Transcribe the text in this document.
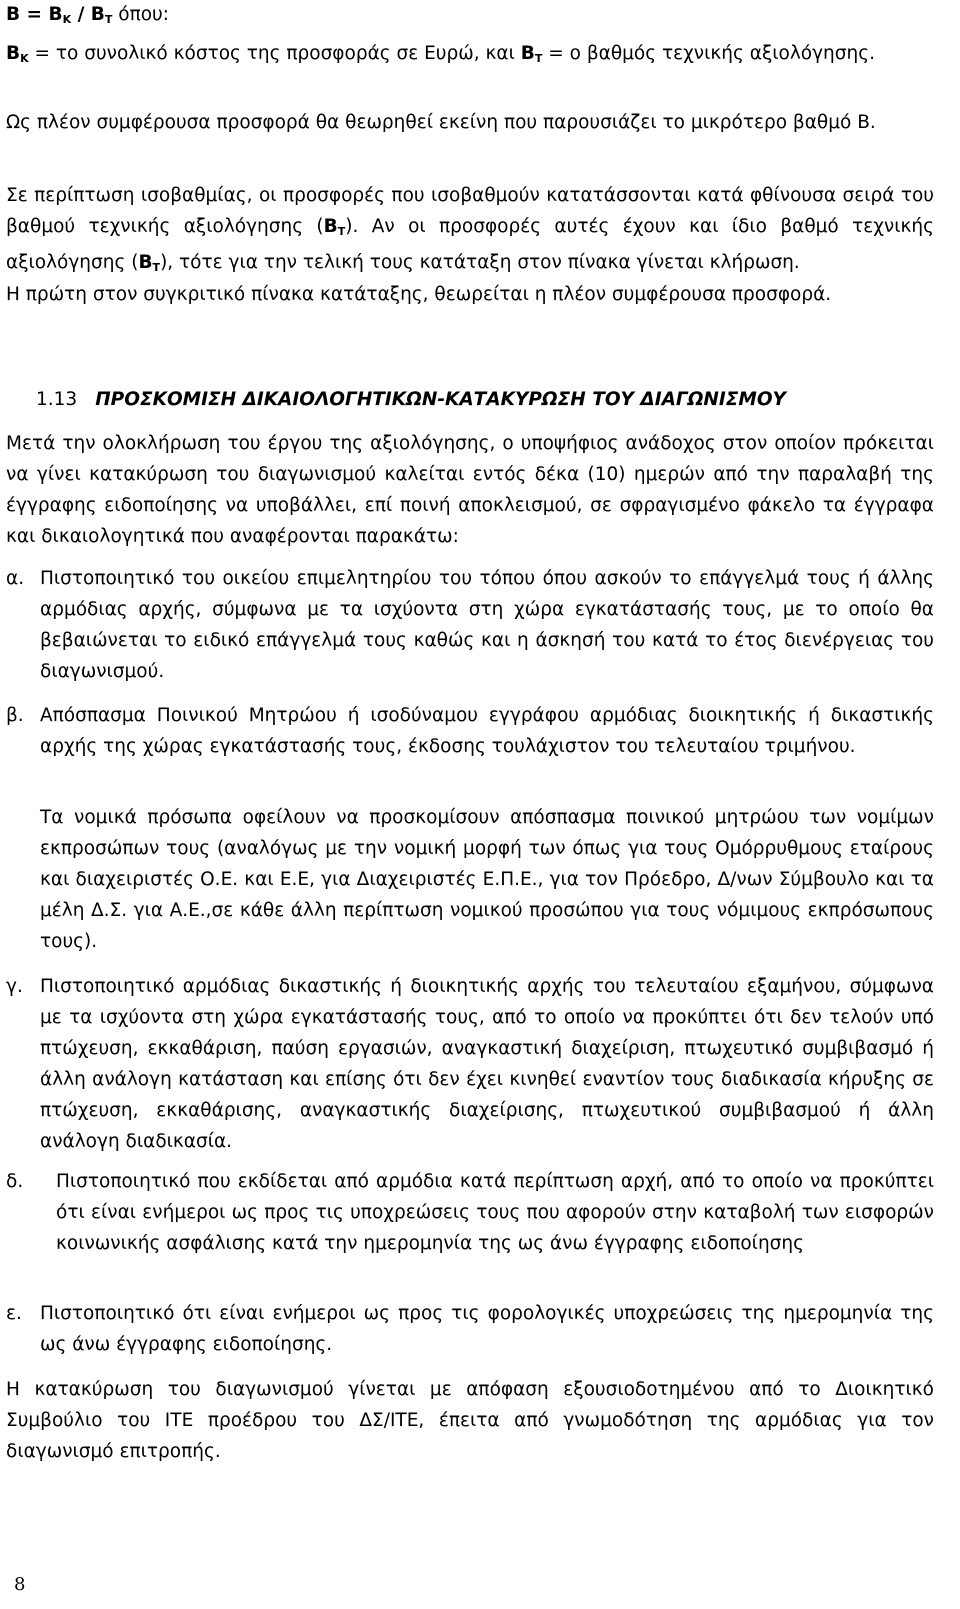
$B = B_K / B_T$ όπου:

$B_K = \tau o$ συνολικό κόστος της προσφοράς σε Ευρώ, και $B_T = o$ βαθμός τεχνικής αξιολόγησης.

Ως πλέον συμφέρουσα προσφορά θα θεωρηθεί εκείνη που παρουσιάζει το μικρότερο βαθμό Β.

Σε περίπτωση ισοβαθμίας, οι προσφορές που ισοβαθμούν κατατάσσονται κατά φθίνουσα σειρά του βαθμού τεχνικής αξιολόγησης $(B_T)$. Αν οι προσφορές αυτές έχουν και ίδιο βαθμό τεχνικής αξιολόγησης $(B_T)$, τότε για την τελική τους κατάταξη στον πίνακα γίνεται κλήρωση.

Η πρώτη στον συγκριτικό πίνακα κατάταξης, θεωρείται η πλέον συμφέρουσα προσφορά.

1.13 ΠΡΟΣΚΟΜΙΣΗ ΔΙΚΑΙΟΛΟΓΗΤΙΚΩΝ-ΚΑΤΑΚΥΡΩΣΗ ΤΟΥ ΔΙΑΓΩΝΙΣΜΟΥ

Μετά την ολοκλήρωση του έργου της αξιολόγησης, ο υποψήφιος ανάδοχος στον οποίον πρόκειται να γίνει κατακύρωση του διαγωνισμού καλείται εντός δέκα (10) ημερών από την παραλαβή της έγγραφης ειδοποίησης να υποβάλλει, επί ποινή αποκλεισμού, σε σφραγισμένο φάκελο τα έγγραφα και δικαιολογητικά που αναφέρονται παρακάτω:

α. Πιστοποιητικό του οικείου επιμελητηρίου του τόπου όπου ασκούν το επάγγελμά τους ή άλλης αρμόδιας αρχής, σύμφωνα με τα ισχύοντα στη χώρα εγκατάστασής τους, με το οποίο θα βεβαιώνεται το ειδικό επάγγελμά τους καθώς και η άσκησή του κατά το έτος διενέργειας του διαγωνισμού.

β. Απόσπασμα Ποινικού Μητρώου ή ισοδύναμου εγγράφου αρμόδιας διοικητικής ή δικαστικής αρχής της χώρας εγκατάστασής τους, έκδοσης τουλάχιστον του τελευταίου τριμήνου.

Τα νομικά πρόσωπα οφείλουν να προσκομίσουν απόσπασμα ποινικού μητρώου των νομίμων εκπροσώπων τους (αναλόγως με την νομική μορφή των όπως για τους Ομόρρυθμους εταίρους και διαχειριστές Ο.Ε. και Ε.Ε, για Διαχειριστές Ε.Π.Ε., για τον Πρόεδρο, Δ/νων Σύμβουλο και τα μέλη Δ.Σ. για Α.Ε.,σε κάθε άλλη περίπτωση νομικού προσώπου για τους νόμιμους εκπρόσωπους τους).

γ. Πιστοποιητικό αρμόδιας δικαστικής ή διοικητικής αρχής του τελευταίου εξαμήνου, σύμφωνα με τα ισχύοντα στη χώρα εγκατάστασής τους, από το οποίο να προκύπτει ότι δεν τελούν υπό πτώχευση, εκκαθάριση, παύση εργασιών, αναγκαστική διαχείριση, πτωχευτικό συμβιβασμό ή άλλη ανάλογη κατάσταση και επίσης ότι δεν έχει κινηθεί εναντίον τους διαδικασία κήρυξης σε πτώχευση, εκκαθάρισης, αναγκαστικής διαχείρισης, πτωχευτικού συμβιβασμού ή άλλη ανάλογη διαδικασία.

δ. Πιστοποιητικό που εκδίδεται από αρμόδια κατά περίπτωση αρχή, από το οποίο να προκύπτει ότι είναι ενήμεροι ως προς τις υποχρεώσεις τους που αφορούν στην καταβολή των εισφορών κοινωνικής ασφάλισης κατά την ημερομηνία της ως άνω έγγραφης ειδοποίησης

ε. Πιστοποιητικό ότι είναι ενήμεροι ως προς τις φορολογικές υποχρεώσεις της ημερομηνία της ως άνω έγγραφης ειδοποίησης.

Η κατακύρωση του διαγωνισμού γίνεται με απόφαση εξουσιοδοτημένου από το Διοικητικό Συμβούλιο του ΙΤΕ προέδρου του ΔΣ/ΙΤΕ, έπειτα από γνωμοδότηση της αρμόδιας για τον διαγωνισμό επιτροπής.

8
